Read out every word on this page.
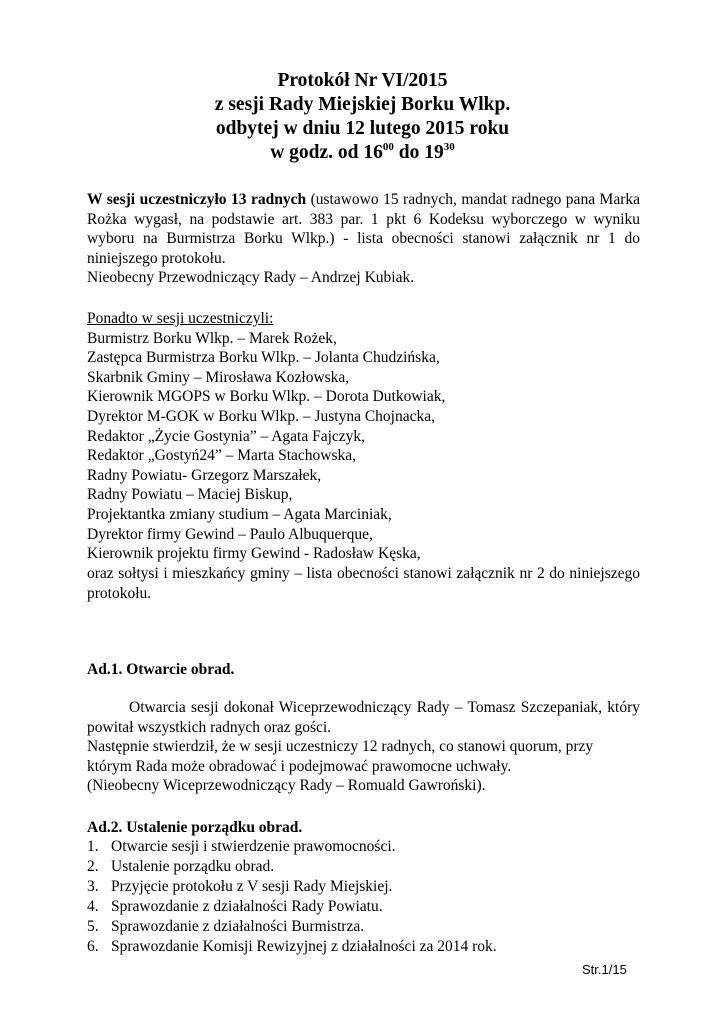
Protokół Nr VI/2015
z sesji Rady Miejskiej Borku Wlkp.
odbytej w dniu 12 lutego 2015 roku
w godz. od $16^{00}$ do $19^{30}$

W sesji uczestniczyło 13 radnych (ustawowo 15 radnych, mandat radnego pana Marka Rożka wygasł, na podstawie art. 383 par. 1 pkt 6 Kodeksu wyborczego w wyniku wyboru na Burmistrza Borku Wlkp.) - lista obecności stanowi załącznik nr 1 do niniejszego protokołu.

Nieobecny Przewodniczący Rady – Andrzej Kubiak.

Ponadto w sesji uczestniczyli:
Burmistrz Borku Wlkp. – Marek Rożek,
Zastępca Burmistrza Borku Wlkp. – Jolanta Chudzińska,
Skarbnik Gminy – Mirosława Kozłowska,
Kierownik MGOPS w Borku Wlkp. – Dorota Dutkowiak,
Dyrektor M-GOK w Borku Wlkp. – Justyna Chojnacka,
Redaktor „Życie Gostynia” – Agata Fajczyk,
Redaktor „Gostyń24” – Marta Stachowska,
Radny Powiatu- Grzegorz Marszałek,
Radny Powiatu – Maciej Biskup,
Projektantka zmiany studium – Agata Marciniak,
Dyrektor firmy Gewind – Paulo Albuquerque,
Kierownik projektu firmy Gewind - Radosław Kęska,
oraz sołtysi i mieszkańcy gminy – lista obecności stanowi załącznik nr 2 do niniejszego protokołu.
Ad.1. Otwarcie obrad.

Otwarcia sesji dokonał Wiceprzewodniczący Rady – Tomasz Szczepaniak, który powitał wszystkich radnych oraz gości.

Następnie stwierdził, że w sesji uczestniczy 12 radnych, co stanowi quorum, przy którym Rada może obradować i podejmować prawomocne uchwały.

(Nieobecny Wiceprzewodniczący Rady – Romuald Gawroński).

Ad.2. Ustalenie porządku obrad.
1. Otwarcie sesji i stwierdzenie prawomocności.
2. Ustalenie porządku obrad.
3. Przyjęcie protokołu z V sesji Rady Miejskiej.
4. Sprawozdanie z działalności Rady Powiatu.
5. Sprawozdanie z działalności Burmistrza.
6. Sprawozdanie Komisji Rewizyjnej z działalności za 2014 rok.
Str.1/15
